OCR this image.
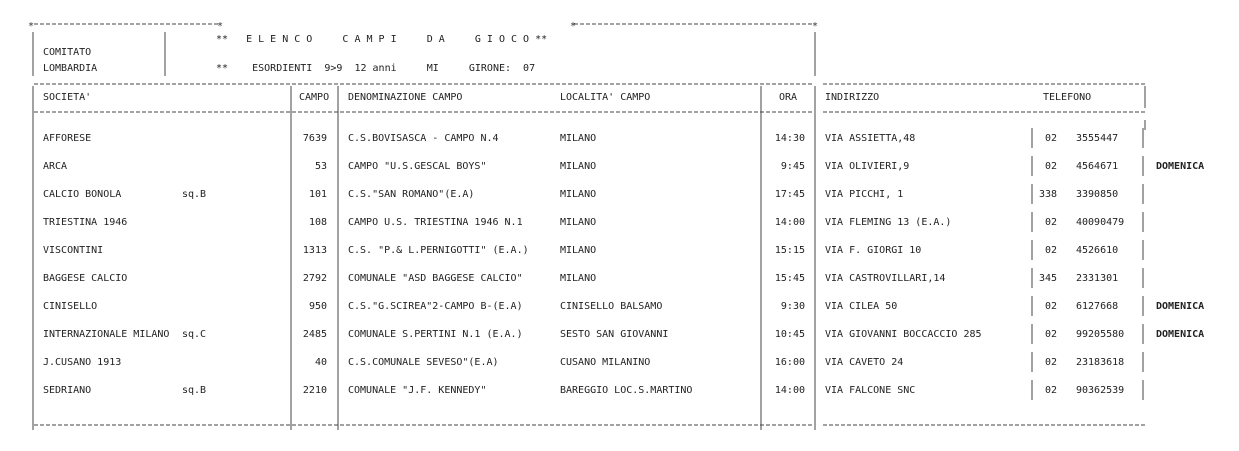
*	*	*	*
COMITATO
LOMBARDIA
**   E L E N C O     C A M P I     D A     G I O C O **
**    ESORDIENTI  9>9  12 anni     MI     GIRONE:  07
SOCIETA'	CAMPO DENOMINAZIONE CAMPO	LOCALITA' CAMPO	ORA	INDIRIZZO	TELEFONO
AFFORESE	7639 C.S.BOVISASCA - CAMPO N.4	MILANO	14:30 VIA ASSIETTA,48	02 3555447
ARCA	53 CAMPO "U.S.GESCAL BOYS"	MILANO	9:45 VIA OLIVIERI,9	02 4564671	DOMENICA
CALCIO BONOLA	sq.B	101 C.S."SAN ROMANO"(E.A)	MILANO	17:45 VIA PICCHI, 1	338 3390850
TRIESTINA 1946	108 CAMPO U.S. TRIESTINA 1946 N.1	MILANO	14:00 VIA FLEMING 13 (E.A.)	02 40090479
VISCONTINI	1313 C.S. "P.& L.PERNIGOTTI" (E.A.)	MILANO	15:15 VIA F. GIORGI 10	02 4526610
BAGGESE CALCIO	2792 COMUNALE "ASD BAGGESE CALCIO"	MILANO	15:45 VIA CASTROVILLARI,14	345 2331301
CINISELLO	950 C.S."G.SCIREA"2-CAMPO B-(E.A)	CINISELLO BALSAMO	9:30 VIA CILEA 50	02 6127668	DOMENICA
INTERNAZIONALE MILANO sq.C	2485 COMUNALE S.PERTINI N.1 (E.A.)	SESTO SAN GIOVANNI	10:45 VIA GIOVANNI BOCCACCIO 285	02 99205580	DOMENICA
J.CUSANO 1913	40 C.S.COMUNALE SEVESO"(E.A)	CUSANO MILANINO	16:00 VIA CAVETO 24	02 23183618
SEDRIANO	sq.B	2210 COMUNALE "J.F. KENNEDY"	BAREGGIO LOC.S.MARTINO	14:00 VIA FALCONE SNC	02 90362539
